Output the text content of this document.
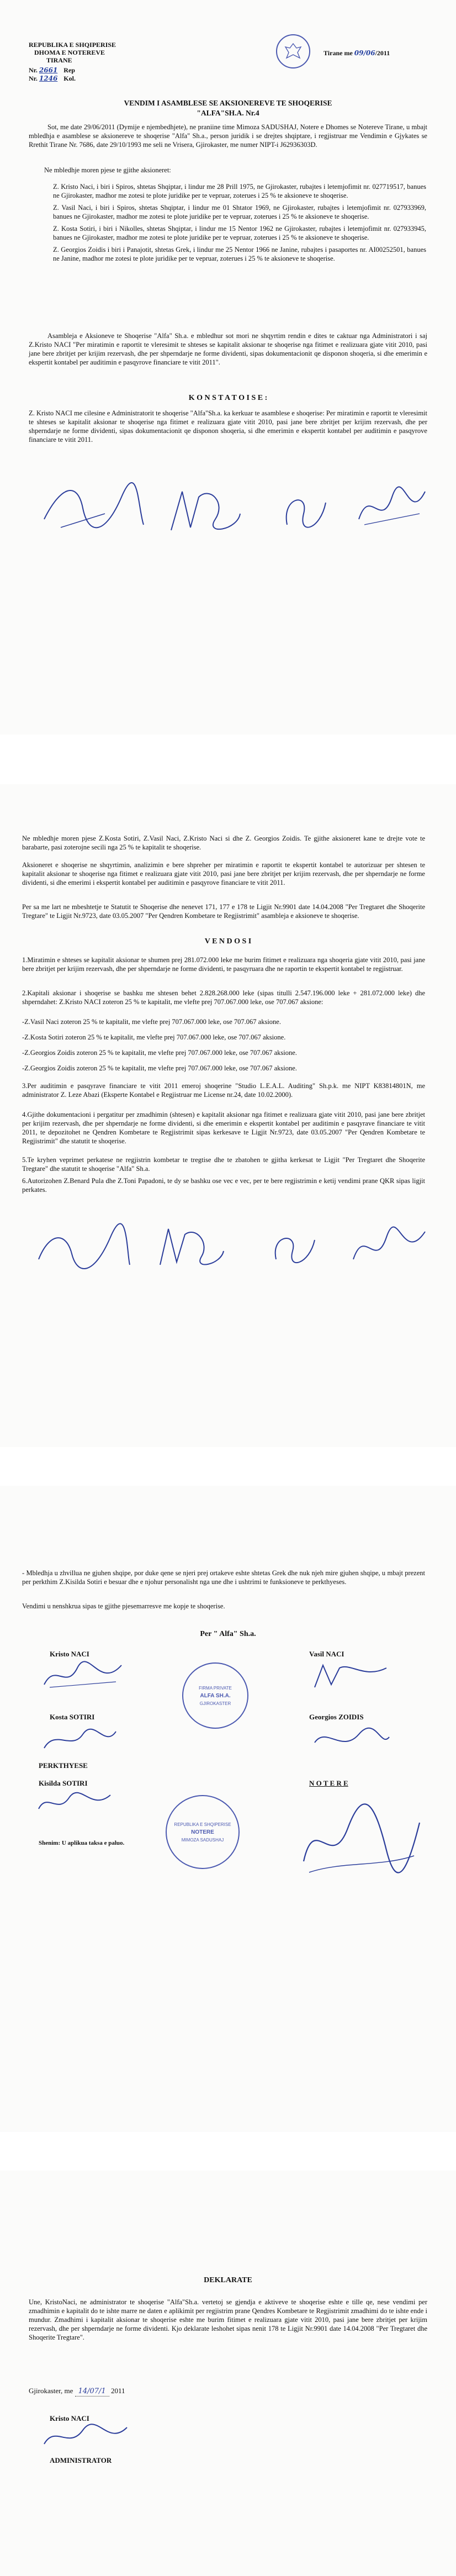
REPUBLIKA E SHQIPERISE
DHOMA E NOTEREVE
TIRANE
Nr. 2661 Rep
Nr. 1246 Kol.
Tirane me 09/06/2011
VENDIM I ASAMBLESE SE AKSIONEREVE TE SHOQERISE
"ALFA"SH.A. Nr.4
Sot, me date 29/06/2011 (Dymije e njembedhjete), ne praniine time Mimoza SADUSHAJ, Notere e Dhomes se Notereve Tirane, u mbajt mbledhja e asamblese se aksionereve te shoqerise "Alfa" Sh.a., person juridik i se drejtes shqiptare, i regjistruar me Vendimin e Gjykates se Rrethit Tirane Nr. 7686, date 29/10/1993 me seli ne Vrisera, Gjirokaster, me numer NIPT-i J62936303D.
Ne mbledhje moren pjese te gjithe aksioneret:
Z. Kristo Naci, i biri i Spiros, shtetas Shqiptar, i lindur me 28 Prill 1975, ne Gjirokaster, rubajtes i letemjofimit nr. 027719517, banues ne Gjirokaster, madhor me zotesi te plote juridike per te vepruar, zoterues i 25 % te aksioneve te shoqerise.
Z. Vasil Naci, i biri i Spiros, shtetas Shqiptar, i lindur me 01 Shtator 1969, ne Gjirokaster, rubajtes i letemjofimit nr. 027933969, banues ne Gjirokaster, madhor me zotesi te plote juridike per te vepruar, zoterues i 25 % te aksioneve te shoqerise.
Z. Kosta Sotiri, i biri i Nikolles, shtetas Shqiptar, i lindur me 15 Nentor 1962 ne Gjirokaster, rubajtes i letemjofimit nr. 027933945, banues ne Gjirokaster, madhor me zotesi te plote juridike per te vepruar, zoterues i 25 % te aksioneve te shoqerise.
Z. Georgios Zoidis i biri i Panajotit, shtetas Grek, i lindur me 25 Nentor 1966 ne Janine, rubajtes i pasaportes nr. AI00252501, banues ne Janine, madhor me zotesi te plote juridike per te vepruar, zoterues i 25 % te aksioneve te shoqerise.
Asambleja e Aksioneve te Shoqerise "Alfa" Sh.a. e mbledhur sot mori ne shqyrtim rendin e dites te caktuar nga Administratori i saj Z.Kristo NACI "Per miratimin e raportit te vleresimit te shteses se kapitalit aksionar te shoqerise nga fitimet e realizuara gjate vitit 2010, pasi jane bere zbritjet per krijim rezervash, dhe per shperndarje ne forme dividenti, sipas dokumentacionit qe disponon shoqeria, si dhe emerimin e ekspertit kontabel per auditimin e pasqyrove financiare te vitit 2011".
K O N S T A T O I S E :
Z. Kristo NACI me cilesine e Administratorit te shoqerise "Alfa"Sh.a. ka kerkuar te asamblese e shoqerise: Per miratimin e raportit te vleresimit te shteses se kapitalit aksionar te shoqerise nga fitimet e realizuara gjate vitit 2010, pasi jane bere zbritjet per krijim rezervash, dhe per shperndarje ne forme dividenti, sipas dokumentacionit qe disponon shoqeria, si dhe emerimin e ekspertit kontabel per auditimin e pasqyrove financiare te vitit 2011.
Ne mbledhje moren pjese Z.Kosta Sotiri, Z.Vasil Naci, Z.Kristo Naci si dhe Z. Georgios Zoidis. Te gjithe aksioneret kane te drejte vote te barabarte, pasi zoterojne secili nga 25 % te kapitalit te shoqerise.
Aksioneret e shoqerise ne shqyrtimin, analizimin e bere shpreher per miratimin e raportit te ekspertit kontabel te autorizuar per shtesen te kapitalit aksionar te shoqerise nga fitimet e realizuara gjate vitit 2010, pasi jane bere zbritjet per krijim rezervash, dhe per shperndarje ne forme dividenti, si dhe emerimi i ekspertit kontabel per auditimin e pasqyrove financiare te vitit 2011.
Per sa me lart ne mbeshtetje te Statutit te Shoqerise dhe nenevet 171, 177 e 178 te Ligjit Nr.9901 date 14.04.2008 "Per Tregtaret dhe Shoqerite Tregtare" te Ligjit Nr.9723, date 03.05.2007 "Per Qendren Kombetare te Regjistrimit" asambleja e aksioneve te shoqerise.
V E N D O S I
1.Miratimin e shteses se kapitalit aksionar te shumen prej 281.072.000 leke me burim fitimet e realizuara nga shoqeria gjate vitit 2010, pasi jane bere zbritjet per krijim rezervash, dhe per shperndarje ne forme dividenti, te pasqyruara dhe ne raportin te ekspertit kontabel te regjistruar.
2.Kapitali aksionar i shoqerise se bashku me shtesen behet 2.828.268.000 leke (sipas titulli 2.547.196.000 leke + 281.072.000 leke) dhe shperndahet: Z.Kristo NACI zoteron 25 % te kapitalit, me vlefte prej 707.067.000 leke, ose 707.067 aksione:
-Z.Vasil Naci zoteron 25 % te kapitalit, me vlefte prej 707.067.000 leke, ose 707.067 aksione.
-Z.Kosta Sotiri zoteron 25 % te kapitalit, me vlefte prej 707.067.000 leke, ose 707.067 aksione.
-Z.Georgios Zoidis zoteron 25 % te kapitalit, me vlefte prej 707.067.000 leke, ose 707.067 aksione.
-Z.Georgios Zoidis zoteron 25 % te kapitalit, me vlefte prej 707.067.000 leke, ose 707.067 aksione.
3.Per auditimin e pasqyrave financiare te vitit 2011 emeroj shoqerine "Studio L.E.A.L. Auditing" Sh.p.k. me NIPT K83814801N, me administrator Z. Leze Abazi (Eksperte Kontabel e Regjistruar me License nr.24, date 10.02.2000).
4.Gjithe dokumentacioni i pergatitur per zmadhimin (shtesen) e kapitalit aksionar nga fitimet e realizuara gjate vitit 2010, pasi jane bere zbritjet per krijim rezervash, dhe per shperndarje ne forme dividenti, si dhe emerimin e ekspertit kontabel per auditimin e pasqyrave financiare te vitit 2011, te depozitohet ne Qendren Kombetare te Regjistrimit sipas kerkesave te Ligjit Nr.9723, date 03.05.2007 "Per Qendren Kombetare te Regjistrimit" dhe statutit te shoqerise.
5.Te kryhen veprimet perkatese ne regjistrin kombetar te tregtise dhe te zbatohen te gjitha kerkesat te Ligjit "Per Tregtaret dhe Shoqerite Tregtare" dhe statutit te shoqerise "Alfa" Sh.a.
6.Autorizohen Z.Benard Pula dhe Z.Toni Papadoni, te dy se bashku ose vec e vec, per te bere regjistrimin e ketij vendimi prane QKR sipas ligjit perkates.
- Mbledhja u zhvillua ne gjuhen shqipe, por duke qene se njeri prej ortakeve eshte shtetas Grek dhe nuk njeh mire gjuhen shqipe, u mbajt prezent per perkthim Z.Kisilda Sotiri e besuar dhe e njohur personalisht nga une dhe i ushtrimi te funksioneve te perkthyeses.
Vendimi u nenshkrua sipas te gjithe pjesemarresve me kopje te shoqerise.
Per " Alfa" Sh.a.
Kristo NACI	Vasil NACI
FIRMA PRIVATE
ALFA SH.A.
GJIROKASTER
Kosta SOTIRI	Georgios ZOIDIS
PERKTHYESE
Kisilda SOTIRI	N O T E R E
REPUBLIKA E SHQIPERISE
NOTERE
MIMOZA SADUSHAJ
Shenim: U aplikua taksa e paluo.
DEKLARATE
Une, KristoNaci, ne administrator te shoqerise "Alfa"Sh.a. vertetoj se gjendja e aktiveve te shoqerise eshte e tille qe, nese vendimi per zmadhimin e kapitalit do te ishte marre ne daten e aplikimit per regjistrim prane Qendres Kombetare te Regjistrimit zmadhimi do te ishte ende i mundur. Zmadhimi i kapitalit aksionar te shoqerise eshte me burim fitimet e realizuara gjate vitit 2010, pasi jane bere zbritjet per krijim rezervash, dhe per shperndarje ne forme dividenti. Kjo deklarate leshohet sipas nenit 178 te Ligjit Nr.9901 date 14.04.2008 "Per Tregtaret dhe Shoqerite Tregtare".
Gjirokaster, me 14/07/1 2011
Kristo NACI
ADMINISTRATOR
